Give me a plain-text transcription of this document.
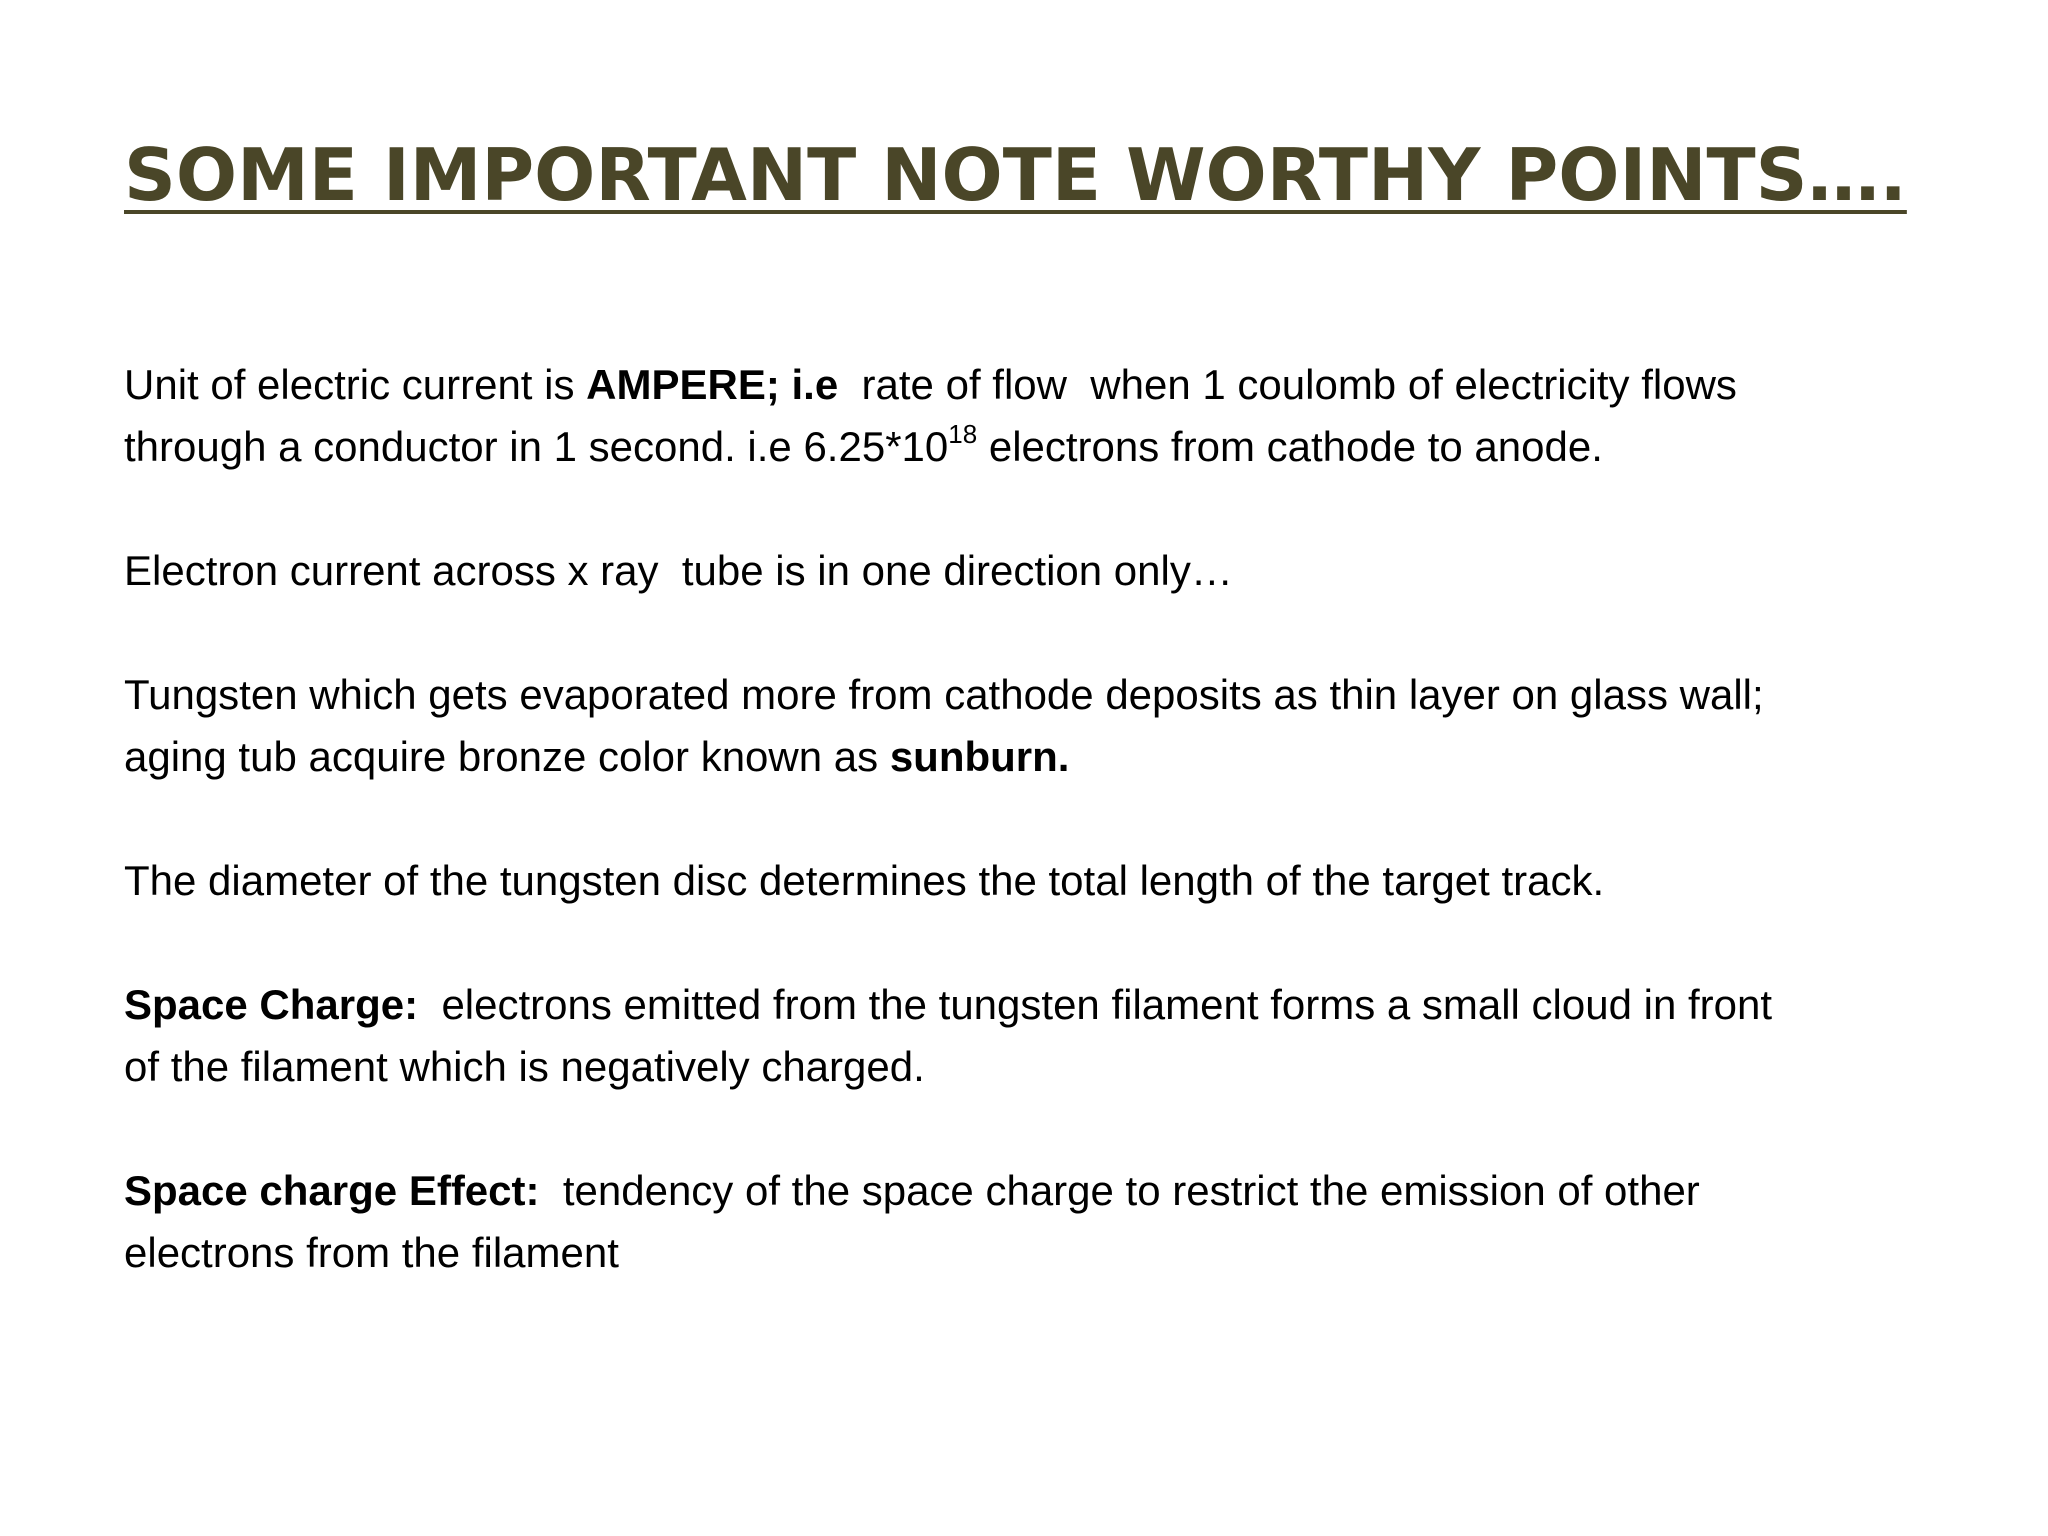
SOME IMPORTANT NOTE WORTHY POINTS….

Unit of electric current is AMPERE; i.e  rate of flow  when 1 coulomb of electricity flows
through a conductor in 1 second. i.e $6.25*10^{18}$ electrons from cathode to anode.

Electron current across x ray  tube is in one direction only…

Tungsten which gets evaporated more from cathode deposits as thin layer on glass wall;
aging tub acquire bronze color known as sunburn.

The diameter of the tungsten disc determines the total length of the target track.

Space Charge:  electrons emitted from the tungsten filament forms a small cloud in front
of the filament which is negatively charged.

Space charge Effect:  tendency of the space charge to restrict the emission of other
electrons from the filament
